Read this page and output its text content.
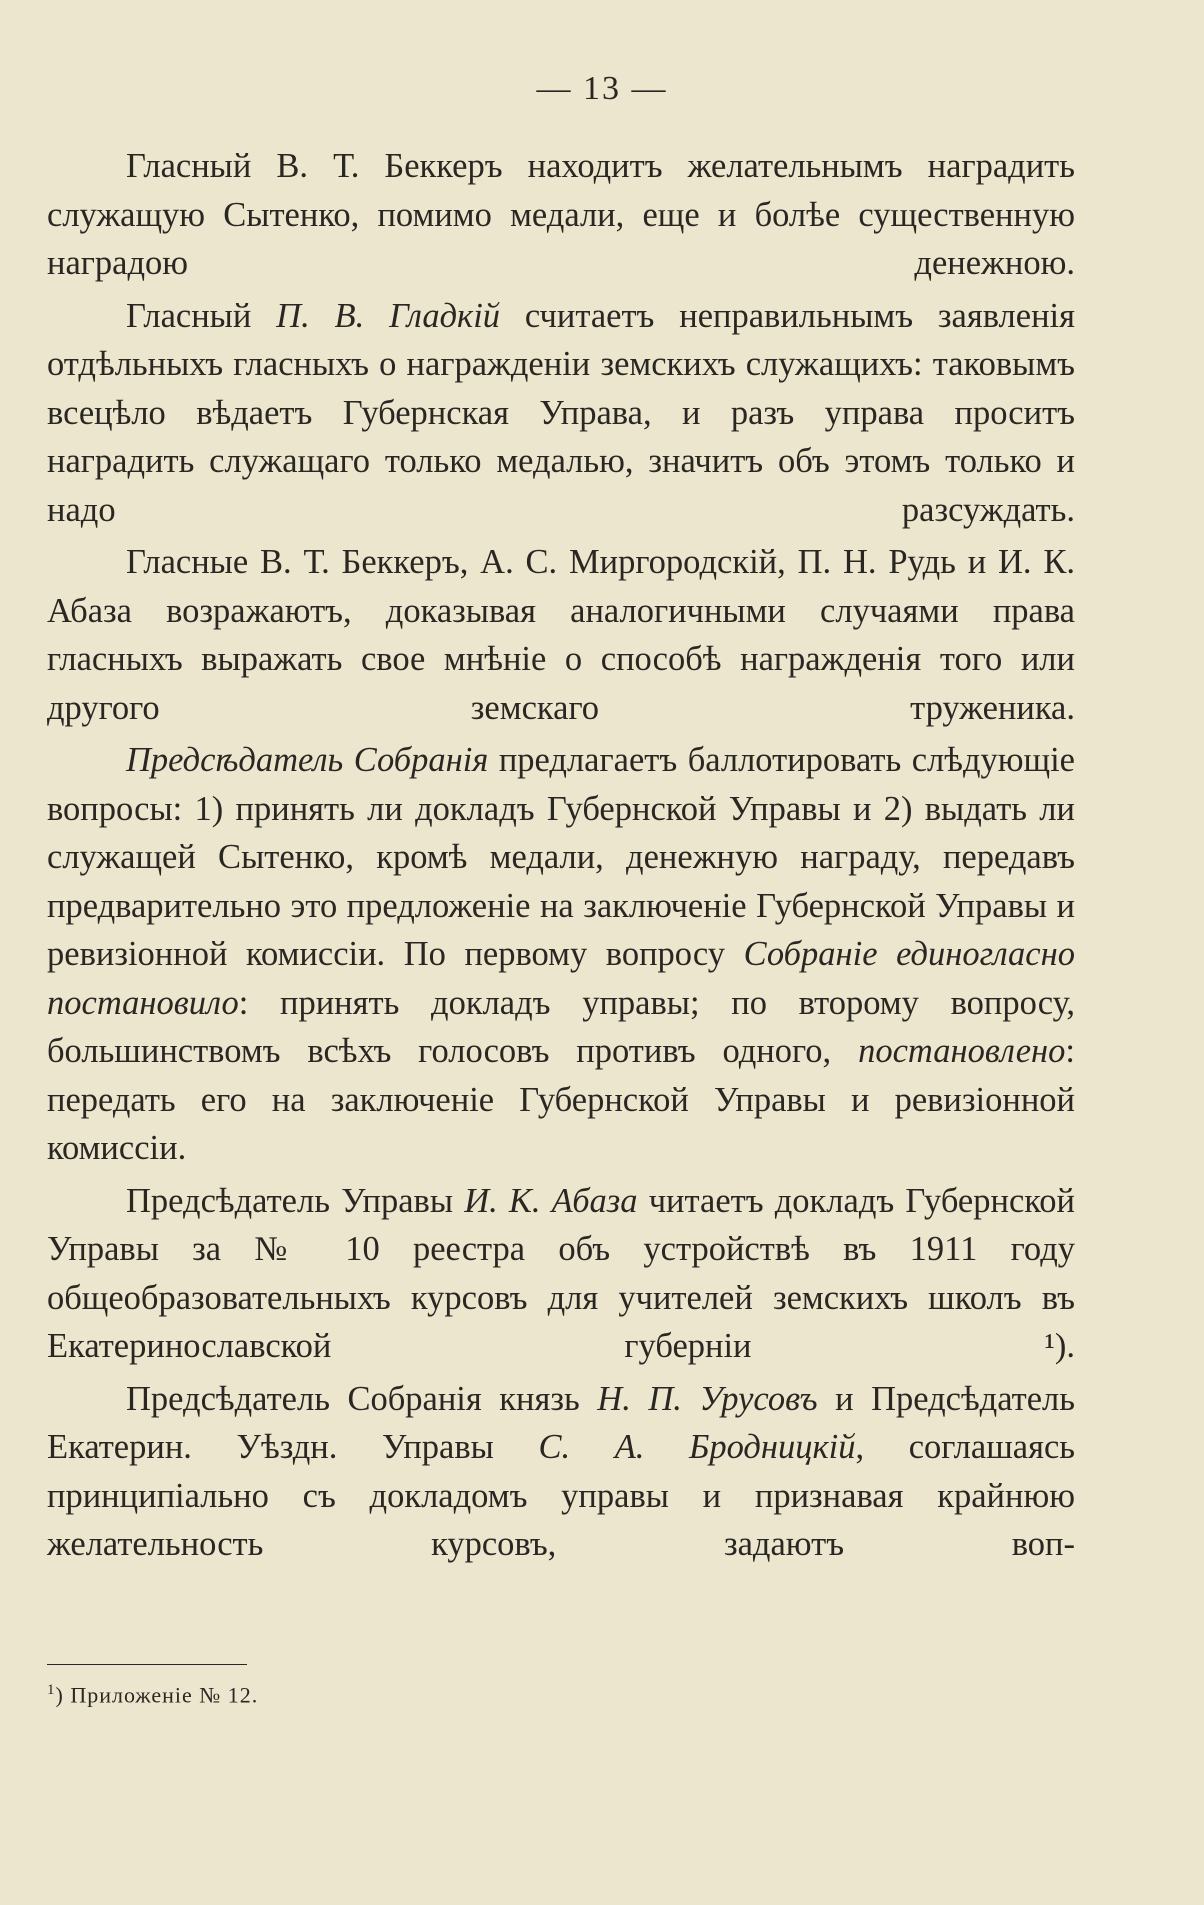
— 13 —

Гласный В. Т. Беккеръ находитъ желательнымъ наградить служащую Сытенко, помимо медали, еще и болѣе существенную наградою денежною.

Гласный П. В. Гладкій считаетъ неправильнымъ заявленія отдѣльныхъ гласныхъ о награжденіи земскихъ служащихъ: таковымъ всецѣло вѣдаетъ Губернская Управа, и разъ управа проситъ наградить служащаго только медалью, значитъ объ этомъ только и надо разсуждать.

Гласные В. Т. Беккеръ, А. С. Миргородскій, П. Н. Рудь и И. К. Абаза возражаютъ, доказывая аналогичными случаями права гласныхъ выражать свое мнѣніе о способѣ награжденія того или другого земскаго труженика.

Предсѣдатель Собранія предлагаетъ баллотировать слѣдующіе вопросы: 1) принять ли докладъ Губернской Управы и 2) выдать ли служащей Сытенко, кромѣ медали, денежную награду, передавъ предварительно это предложеніе на заключеніе Губернской Управы и ревизіонной комиссіи. По первому вопросу Собраніе единогласно постановило: принять докладъ управы; по второму вопросу, большинствомъ всѣхъ голосовъ противъ одного, постановлено: передать его на заключеніе Губернской Управы и ревизіонной комиссіи.

Предсѣдатель Управы И. К. Абаза читаетъ докладъ Губернской Управы за № 10 реестра объ устройствѣ въ 1911 году общеобразовательныхъ курсовъ для учителей земскихъ школъ въ Екатеринославской губерніи ¹).

Предсѣдатель Собранія князь Н. П. Урусовъ и Предсѣдатель Екатерин. Уѣздн. Управы С. А. Бродницкій, соглашаясь принципіально съ докладомъ управы и признавая крайнюю желательность курсовъ, задаютъ воп-

$^1$) Приложеніе № 12.
